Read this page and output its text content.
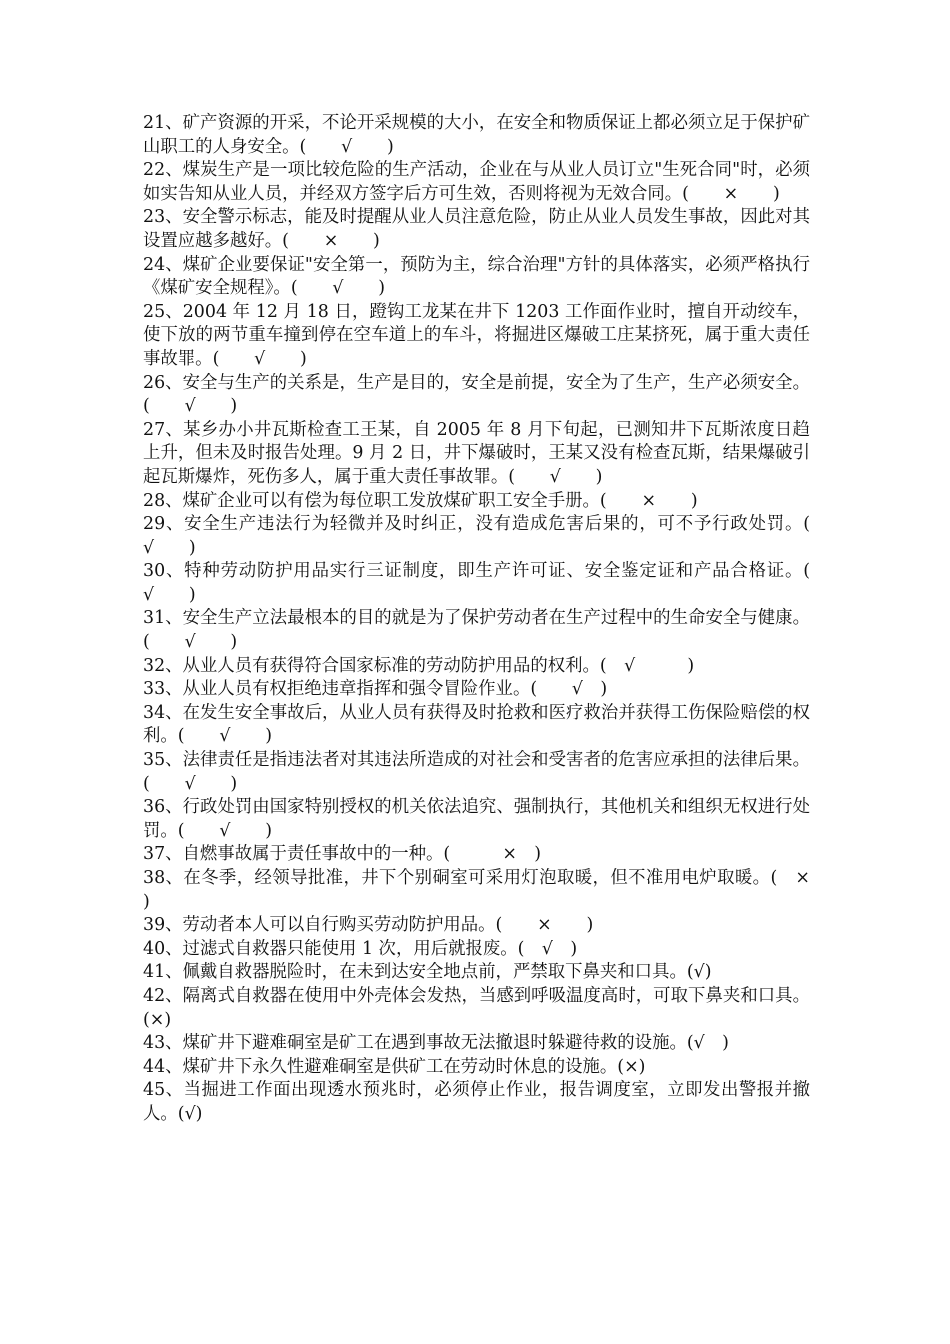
21、矿产资源的开采，不论开采规模的大小，在安全和物质保证上都必须立足于保护矿山职工的人身安全。(　　√　　)

22、煤炭生产是一项比较危险的生产活动，企业在与从业人员订立"生死合同"时，必须如实告知从业人员，并经双方签字后方可生效，否则将视为无效合同。(　　×　　)

23、安全警示标志，能及时提醒从业人员注意危险，防止从业人员发生事故，因此对其设置应越多越好。(　　×　　)

24、煤矿企业要保证"安全第一，预防为主，综合治理"方针的具体落实，必须严格执行《煤矿安全规程》。(　　√　　)

25、2004 年 12 月 18 日，蹬钩工龙某在井下 1203 工作面作业时，擅自开动绞车，使下放的两节重车撞到停在空车道上的车斗，将掘进区爆破工庄某挤死，属于重大责任事故罪。(　　√　　)

26、安全与生产的关系是，生产是目的，安全是前提，安全为了生产，生产必须安全。(　　√　　)

27、某乡办小井瓦斯检查工王某，自 2005 年 8 月下旬起，已测知井下瓦斯浓度日趋上升，但未及时报告处理。9 月 2 日，井下爆破时，王某又没有检查瓦斯，结果爆破引起瓦斯爆炸，死伤多人，属于重大责任事故罪。(　　√　　)

28、煤矿企业可以有偿为每位职工发放煤矿职工安全手册。(　　×　　)

29、安全生产违法行为轻微并及时纠正，没有造成危害后果的，可不予行政处罚。(　　√　　)

30、特种劳动防护用品实行三证制度，即生产许可证、安全鉴定证和产品合格证。(　　√　　)

31、安全生产立法最根本的目的就是为了保护劳动者在生产过程中的生命安全与健康。(　　√　　)

32、从业人员有获得符合国家标准的劳动防护用品的权利。(　√　　　)

33、从业人员有权拒绝违章指挥和强令冒险作业。(　　√　)

34、在发生安全事故后，从业人员有获得及时抢救和医疗救治并获得工伤保险赔偿的权利。(　　√　　)

35、法律责任是指违法者对其违法所造成的对社会和受害者的危害应承担的法律后果。(　　√　　)

36、行政处罚由国家特别授权的机关依法追究、强制执行，其他机关和组织无权进行处罚。(　　√　　)

37、自燃事故属于责任事故中的一种。(　　　×　)

38、在冬季，经领导批准，井下个别硐室可采用灯泡取暖，但不准用电炉取暖。(　×　　)

39、劳动者本人可以自行购买劳动防护用品。(　　×　　)

40、过滤式自救器只能使用 1 次，用后就报废。(　√　)

41、佩戴自救器脱险时，在未到达安全地点前，严禁取下鼻夹和口具。(√)

42、隔离式自救器在使用中外壳体会发热，当感到呼吸温度高时，可取下鼻夹和口具。(×)

43、煤矿井下避难硐室是矿工在遇到事故无法撤退时躲避待救的设施。(√　)

44、煤矿井下永久性避难硐室是供矿工在劳动时休息的设施。(×)

45、当掘进工作面出现透水预兆时，必须停止作业，报告调度室，立即发出警报并撤人。(√)
